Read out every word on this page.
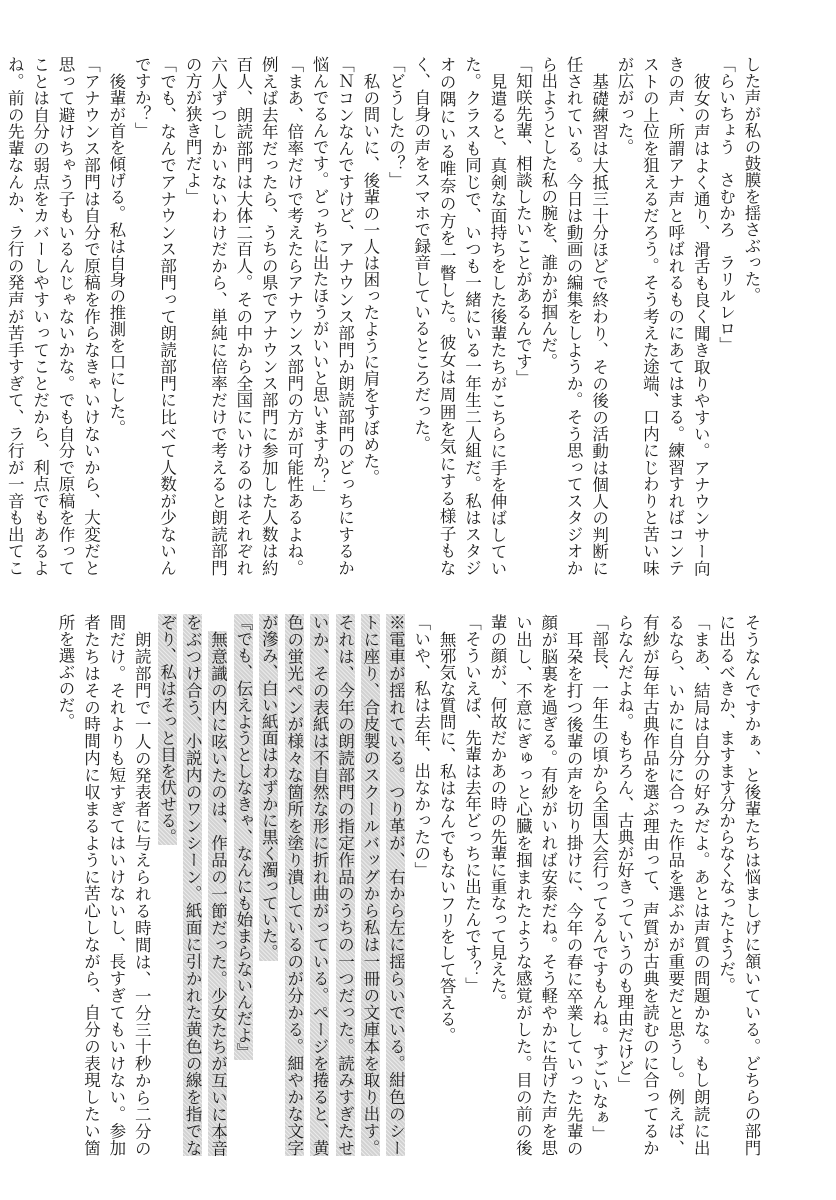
した声が私の鼓膜を揺さぶった。

「らいちょう　さむかろ　ラリルレロ」

彼女の声はよく通り、滑舌も良く聞き取りやすい。アナウンサー向きの声、所謂アナ声と呼ばれるものにあてはまる。練習すればコンテストの上位を狙えるだろう。そう考えた途端、口内にじわりと苦い味が広がった。

基礎練習は大抵三十分ほどで終わり、その後の活動は個人の判断に任されている。今日は動画の編集をしようか。そう思ってスタジオから出ようとした私の腕を、誰かが掴んだ。

「知咲先輩、相談したいことがあるんです」

見遣ると、真剣な面持ちをした後輩たちがこちらに手を伸ばしていた。クラスも同じで、いつも一緒にいる一年生二人組だ。私はスタジオの隅にいる唯奈の方を一瞥した。彼女は周囲を気にする様子もなく、自身の声をスマホで録音しているところだった。

「どうしたの？」

私の問いに、後輩の一人は困ったように肩をすぼめた。

「Ｎコンなんですけど、アナウンス部門か朗読部門のどっちにするか悩んでるんです。どっちに出たほうがいいと思いますか？」

「まあ、倍率だけで考えたらアナウンス部門の方が可能性あるよね。例えば去年だったら、うちの県でアナウンス部門に参加した人数は約百人、朗読部門は大体二百人。その中から全国にいけるのはそれぞれ六人ずつしかいないわけだから、単純に倍率だけで考えると朗読部門の方が狭き門だよ」

「でも、なんでアナウンス部門って朗読部門に比べて人数が少ないんですか？」

後輩が首を傾げる。私は自身の推測を口にした。

「アナウンス部門は自分で原稿を作らなきゃいけないから、大変だと思って避けちゃう子もいるんじゃないかな。でも自分で原稿を作ってことは自分の弱点をカバーしやすいってことだから、利点でもあるよね。前の先輩なんか、ラ行の発声が苦手すぎて、ラ行が一音も出てこ

そうなんですかぁ、と後輩たちは悩ましげに頷いている。どちらの部門に出るべきか、ますます分からなくなったようだ。

「まあ、結局は自分の好みだよ。あとは声質の問題かな。もし朗読に出るなら、いかに自分に合った作品を選ぶかが重要だと思うし。例えば、有紗が毎年古典作品を選ぶ理由って、声質が古典を読むのに合ってるからなんだよね。もちろん、古典が好きっていうのも理由だけど」

「部長、一年生の頃から全国大会行ってるんですもんね。すごいなぁ」

耳朶を打つ後輩の声を切り掛けに、今年の春に卒業していった先輩の顔が脳裏を過ぎる。有紗がいれば安泰だね。そう軽やかに告げた声を思い出し、不意にぎゅっと心臓を掴まれたような感覚がした。目の前の後輩の顔が、何故だかあの時の先輩に重なって見えた。

「そういえば、先輩は去年どっちに出たんです？」

無邪気な質問に、私はなんでもないフリをして答える。

「いや、私は去年、出なかったの」

※電車が揺れている。つり革が、右から左に揺らいでいる。紺色のシートに座り、合皮製のスクールバッグから私は一冊の文庫本を取り出す。それは、今年の朗読部門の指定作品のうちの一つだった。読みすぎたせいか、その表紙は不自然な形に折れ曲がっている。ページを捲ると、黄色の蛍光ペンが様々な箇所を塗り潰しているのが分かる。細やかな文字が滲み、白い紙面はわずかに黒く濁っていた。

『でも、伝えようとしなきゃ、なんにも始まらないんだよ』

無意識の内に呟いたのは、作品の一節だった。少女たちが互いに本音をぶつけ合う、小説内のワンシーン。紙面に引かれた黄色の線を指でなぞり、私はそっと目を伏せる。

朗読部門で一人の発表者に与えられる時間は、一分三十秒から二分の間だけ。それよりも短すぎてはいけないし、長すぎてもいけない。参加者たちはその時間内に収まるように苦心しながら、自分の表現したい箇所を選ぶのだ。
